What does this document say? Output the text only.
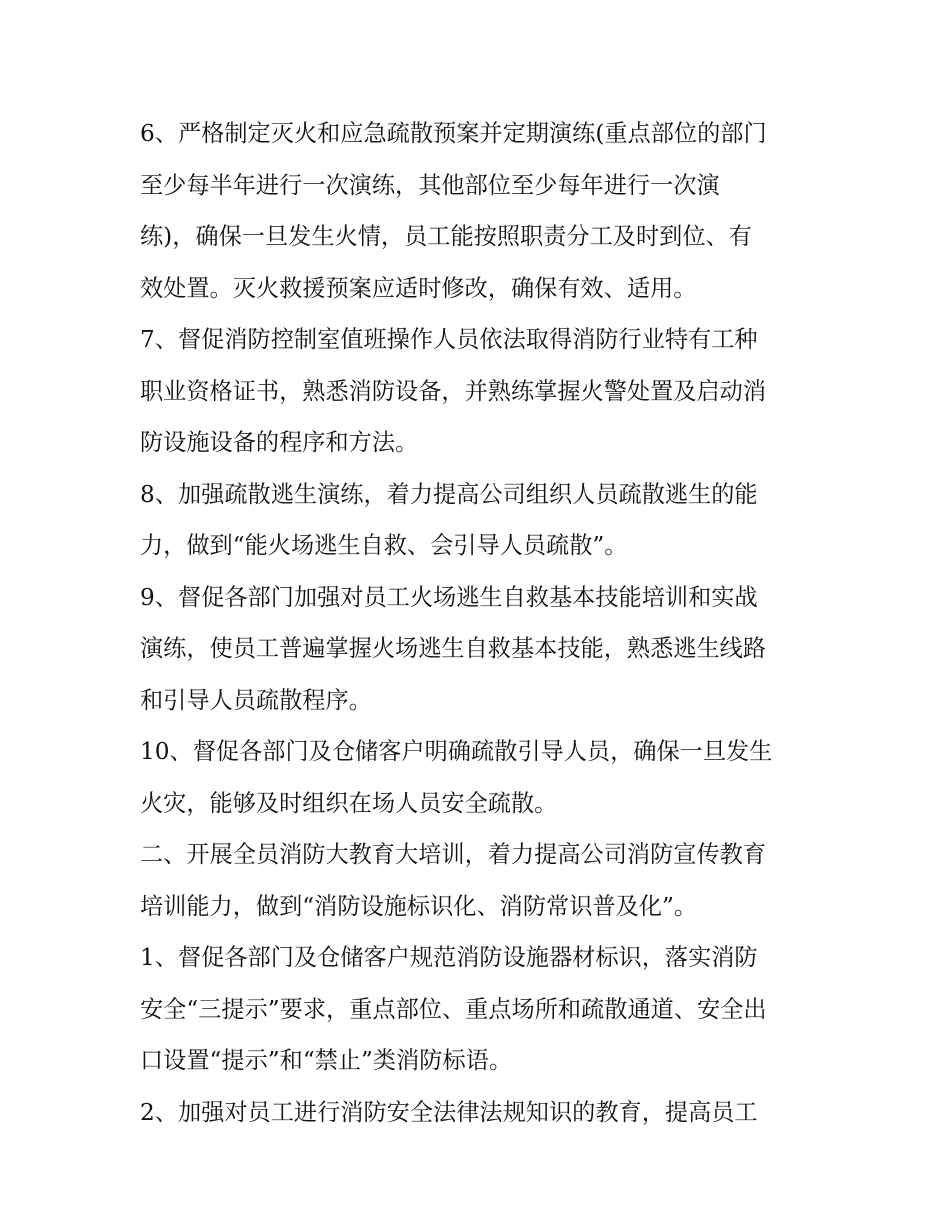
6、严格制定灭火和应急疏散预案并定期演练(重点部位的部门
至少每半年进行一次演练，其他部位至少每年进行一次演
练)，确保一旦发生火情，员工能按照职责分工及时到位、有
效处置。灭火救援预案应适时修改，确保有效、适用。
7、督促消防控制室值班操作人员依法取得消防行业特有工种
职业资格证书，熟悉消防设备，并熟练掌握火警处置及启动消
防设施设备的程序和方法。
8、加强疏散逃生演练，着力提高公司组织人员疏散逃生的能
力，做到“能火场逃生自救、会引导人员疏散”。
9、督促各部门加强对员工火场逃生自救基本技能培训和实战
演练，使员工普遍掌握火场逃生自救基本技能，熟悉逃生线路
和引导人员疏散程序。
10、督促各部门及仓储客户明确疏散引导人员，确保一旦发生
火灾，能够及时组织在场人员安全疏散。
二、开展全员消防大教育大培训，着力提高公司消防宣传教育
培训能力，做到“消防设施标识化、消防常识普及化”。
1、督促各部门及仓储客户规范消防设施器材标识，落实消防
安全“三提示”要求，重点部位、重点场所和疏散通道、安全出
口设置“提示”和“禁止”类消防标语。
2、加强对员工进行消防安全法律法规知识的教育，提高员工
